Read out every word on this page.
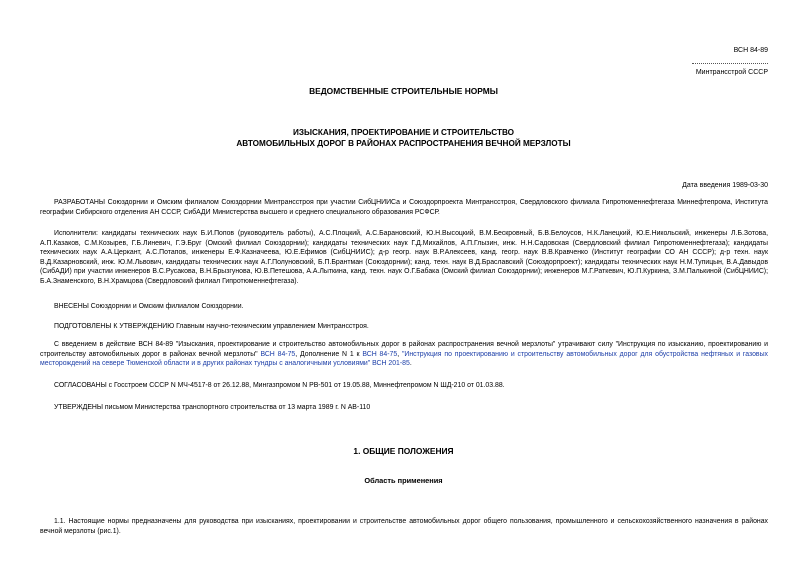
ВСН 84-89
Минтрансстрой СССР
ВЕДОМСТВЕННЫЕ СТРОИТЕЛЬНЫЕ НОРМЫ
ИЗЫСКАНИЯ, ПРОЕКТИРОВАНИЕ И СТРОИТЕЛЬСТВО
АВТОМОБИЛЬНЫХ ДОРОГ В РАЙОНАХ РАСПРОСТРАНЕНИЯ ВЕЧНОЙ МЕРЗЛОТЫ
Дата введения 1989-03-30
РАЗРАБОТАНЫ Союздорнии и Омским филиалом Союздорнии Минтрансстроя при участии СибЦНИИСа и Союздорпроекта Минтрансстроя, Свердловского филиала Гипротюменнефтегаза Миннефтепрома, Института географии Сибирского отделения АН СССР, СибАДИ Министерства высшего и среднего специального образования РСФСР.
Исполнители: кандидаты технических наук Б.И.Попов (руководитель работы), А.С.Плоцкий, А.С.Барановский, Ю.Н.Высоцкий, В.М.Бескровный, Б.В.Белоусов, Н.К.Ланецкий, Ю.Е.Никольский, инженеры Л.Б.Зотова, А.П.Казаков, С.М.Козырев, Г.Б.Линевич, Г.Э.Бруг (Омский филиал Союздорнии); кандидаты технических наук Г.Д.Михайлов, А.П.Глызин, инж. Н.Н.Садовская (Свердловский филиал Гипротюменнефтегаза); кандидаты технических наук А.А.Церкант, А.С.Потапов, инженеры Е.Ф.Казначеева, Ю.Е.Ефимов (СибЦНИИС); д-р геогр. наук В.Р.Алексеев, канд. геогр. наук В.В.Кравченко (Институт географии СО АН СССР); д-р техн. наук В.Д.Казарновский, инж. Ю.М.Львович, кандидаты технических наук А.Г.Полуновский, Б.П.Брантман (Союздорнии); канд. техн. наук В.Д.Браславский (Союздорпроект); кандидаты технических наук Н.М.Тупицын, В.А.Давыдов (СибАДИ) при участии инженеров В.С.Русакова, В.Н.Брызгунова, Ю.В.Петешова, А.А.Лыткина, канд. техн. наук О.Г.Бабака (Омский филиал Союздорнии); инженеров М.Г.Раткевич, Ю.П.Куркина, З.М.Палькиной (СибЦНИИС); Б.А.Знаменского, В.Н.Храмцова (Свердловский филиал Гипротюменнефтегаза).
ВНЕСЕНЫ Союздорнии и Омским филиалом Союздорнии.
ПОДГОТОВЛЕНЫ К УТВЕРЖДЕНИЮ Главным научно-техническим управлением Минтрансстроя.
С введением в действие ВСН 84-89 "Изыскания, проектирование и строительство автомобильных дорог в районах распространения вечной мерзлоты" утрачивают силу "Инструкция по изысканию, проектированию и строительству автомобильных дорог в районах вечной мерзлоты" ВСН 84-75, Дополнение N 1 к ВСН 84-75, "Инструкция по проектированию и строительству автомобильных дорог для обустройства нефтяных и газовых месторождений на севере Тюменской области и в других районах тундры с аналогичными условиями" ВСН 201-85.
СОГЛАСОВАНЫ с Госстроем СССР N МЧ-4517-8 от 26.12.88, Мингазпромом N РВ-501 от 19.05.88, Миннефтепромом N ШД-210 от 01.03.88.
УТВЕРЖДЕНЫ письмом Министерства транспортного строительства от 13 марта 1989 г. N АВ-110
1. ОБЩИЕ ПОЛОЖЕНИЯ
Область применения
1.1. Настоящие нормы предназначены для руководства при изысканиях, проектировании и строительстве автомобильных дорог общего пользования, промышленного и сельскохозяйственного назначения в районах вечной мерзлоты (рис.1).
